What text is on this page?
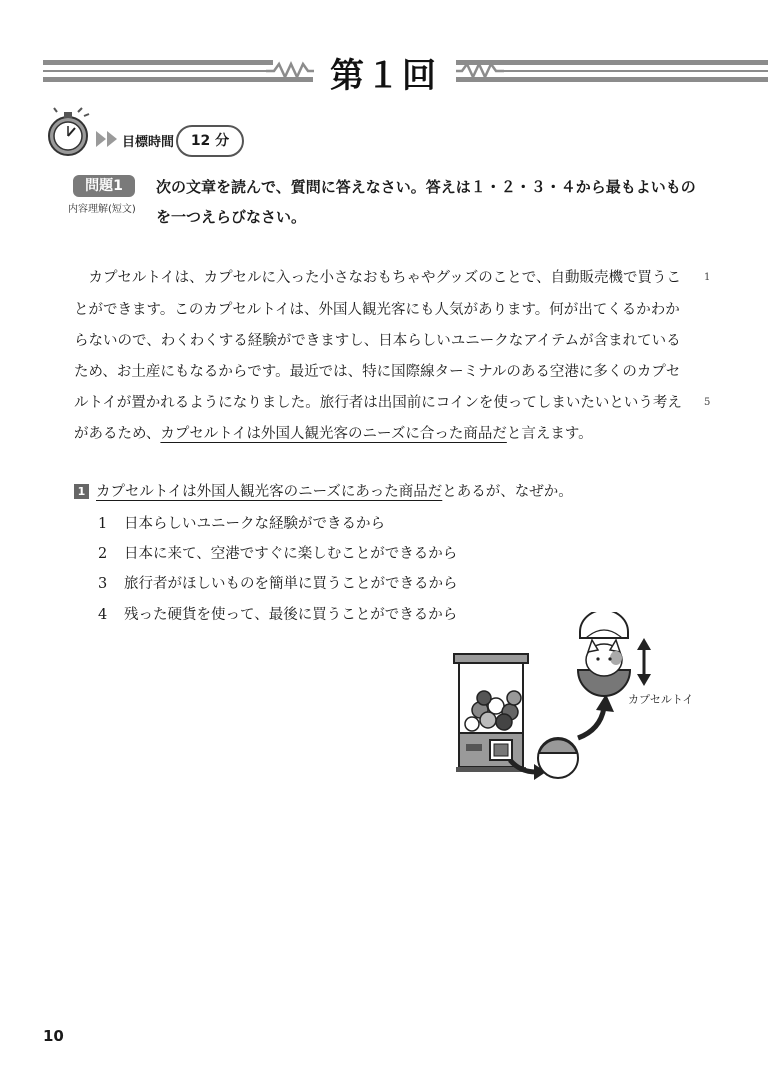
第１回
目標時間	12 分
問題1
内容理解(短文)
次の文章を読んで、質問に答えなさい。答えは１・２・３・４から最もよいもの
を一つえらびなさい。
　カプセルトイは、カプセルに入った小さなおもちゃやグッズのことで、自動販売機で買うこ 1
とができます。このカプセルトイは、外国人観光客にも人気があります。何が出てくるかわか
らないので、わくわくする経験ができますし、日本らしいユニークなアイテムが含まれている
ため、お土産にもなるからです。最近では、特に国際線ターミナルのある空港に多くのカプセ
ルトイが置かれるようになりました。旅行者は出国前にコインを使ってしまいたいという考え 5
があるため、カプセルトイは外国人観光客のニーズに合った商品だと言えます。
1 カプセルトイは外国人観光客のニーズにあった商品だとあるが、なぜか。
1 日本らしいユニークな経験ができるから
2 日本に来て、空港ですぐに楽しむことができるから
3 旅行者がほしいものを簡単に買うことができるから
4 残った硬貨を使って、最後に買うことができるから
カプセルトイ
10
